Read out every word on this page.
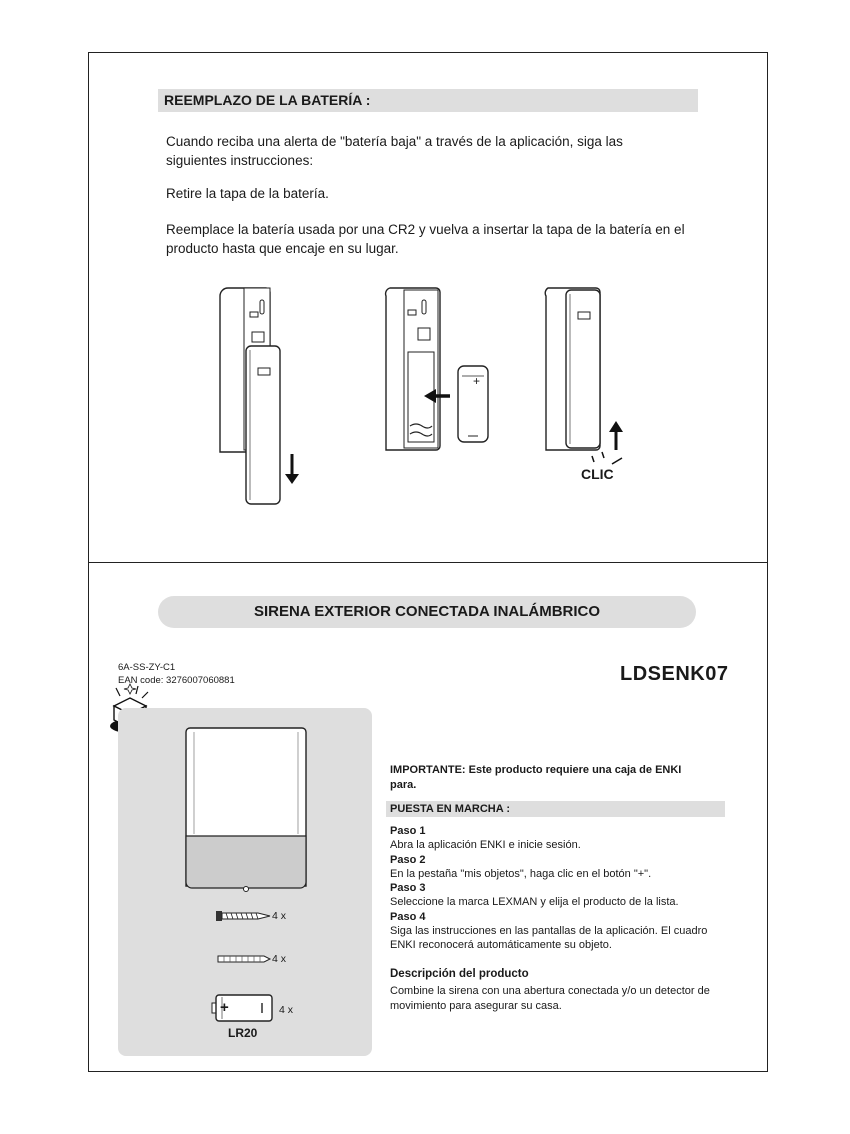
REEMPLAZO DE LA BATERÍA :

Cuando reciba una alerta de "batería baja" a través de la aplicación, siga las

siguientes instrucciones:

Retire la tapa de la batería.

Reemplace la batería usada por una CR2 y vuelva a insertar la tapa de la batería en el

producto hasta que encaje en su lugar.

+
CLIC
SIRENA EXTERIOR CONECTADA INALÁMBRICO
6A-SS-ZY-C1
EAN code: 3276007060881	LDSENK07
4 x
4 x
+	4 x
LR20
IMPORTANTE: Este producto requiere una caja de ENKI
para.
PUESTA EN MARCHA :
Paso 1
Abra la aplicación ENKI e inicie sesión.
Paso 2
En la pestaña "mis objetos", haga clic en el botón "+".
Paso 3
Seleccione la marca LEXMAN y elija el producto de la lista.
Paso 4
Siga las instrucciones en las pantallas de la aplicación. El cuadro
ENKI reconocerá automáticamente su objeto.
Descripción del producto
Combine la sirena con una abertura conectada y/o un detector de
movimiento para asegurar su casa.
